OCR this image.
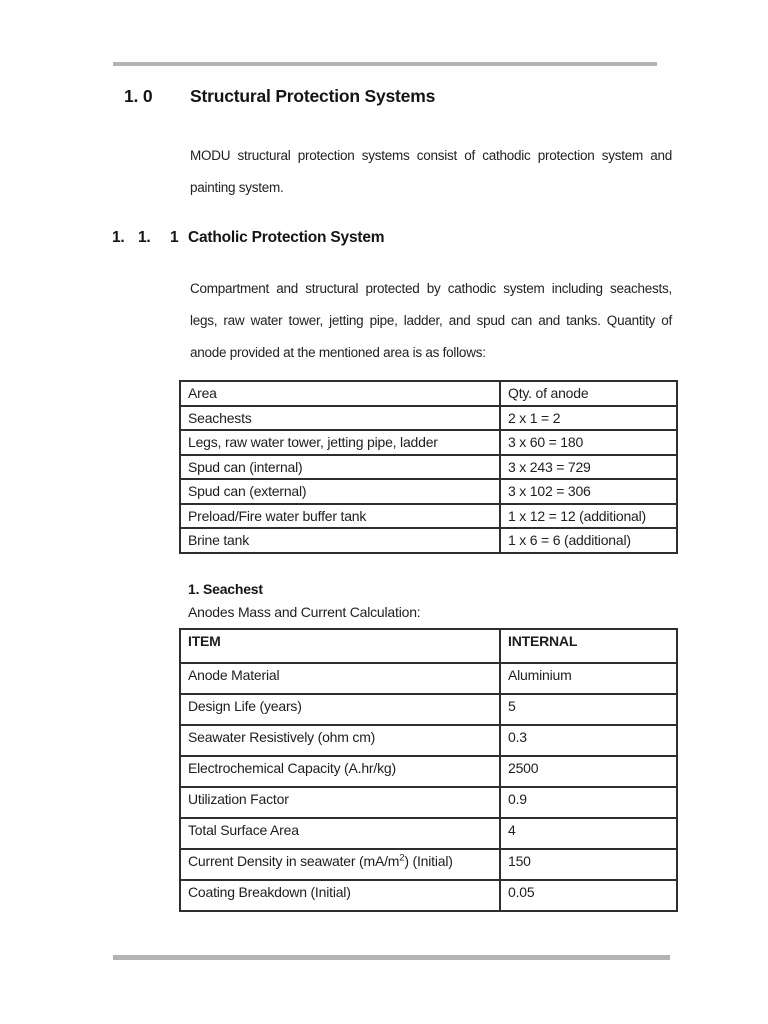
1. 0 Structural Protection Systems
MODU structural protection systems consist of cathodic protection system and
painting system.
1. 1. 1 Catholic Protection System
Compartment and structural protected by cathodic system including seachests,
legs, raw water tower, jetting pipe, ladder, and spud can and tanks. Quantity of
anode provided at the mentioned area is as follows:
Area	Qty. of anode
Seachests	2 x 1 = 2
Legs, raw water tower, jetting pipe, ladder	3 x 60 = 180
Spud can (internal)	3 x 243 = 729
Spud can (external)	3 x 102 = 306
Preload/Fire water buffer tank	1 x 12 = 12 (additional)
Brine tank	1 x 6 = 6 (additional)
1. Seachest
Anodes Mass and Current Calculation:
ITEM	INTERNAL
Anode Material	Aluminium
Design Life (years)	5
Seawater Resistively (ohm cm)	0.3
Electrochemical Capacity (A.hr/kg)	2500
Utilization Factor	0.9
Total Surface Area	4
Current Density in seawater $(mA/m^2)$ (Initial)	150
Coating Breakdown (Initial)	0.05
